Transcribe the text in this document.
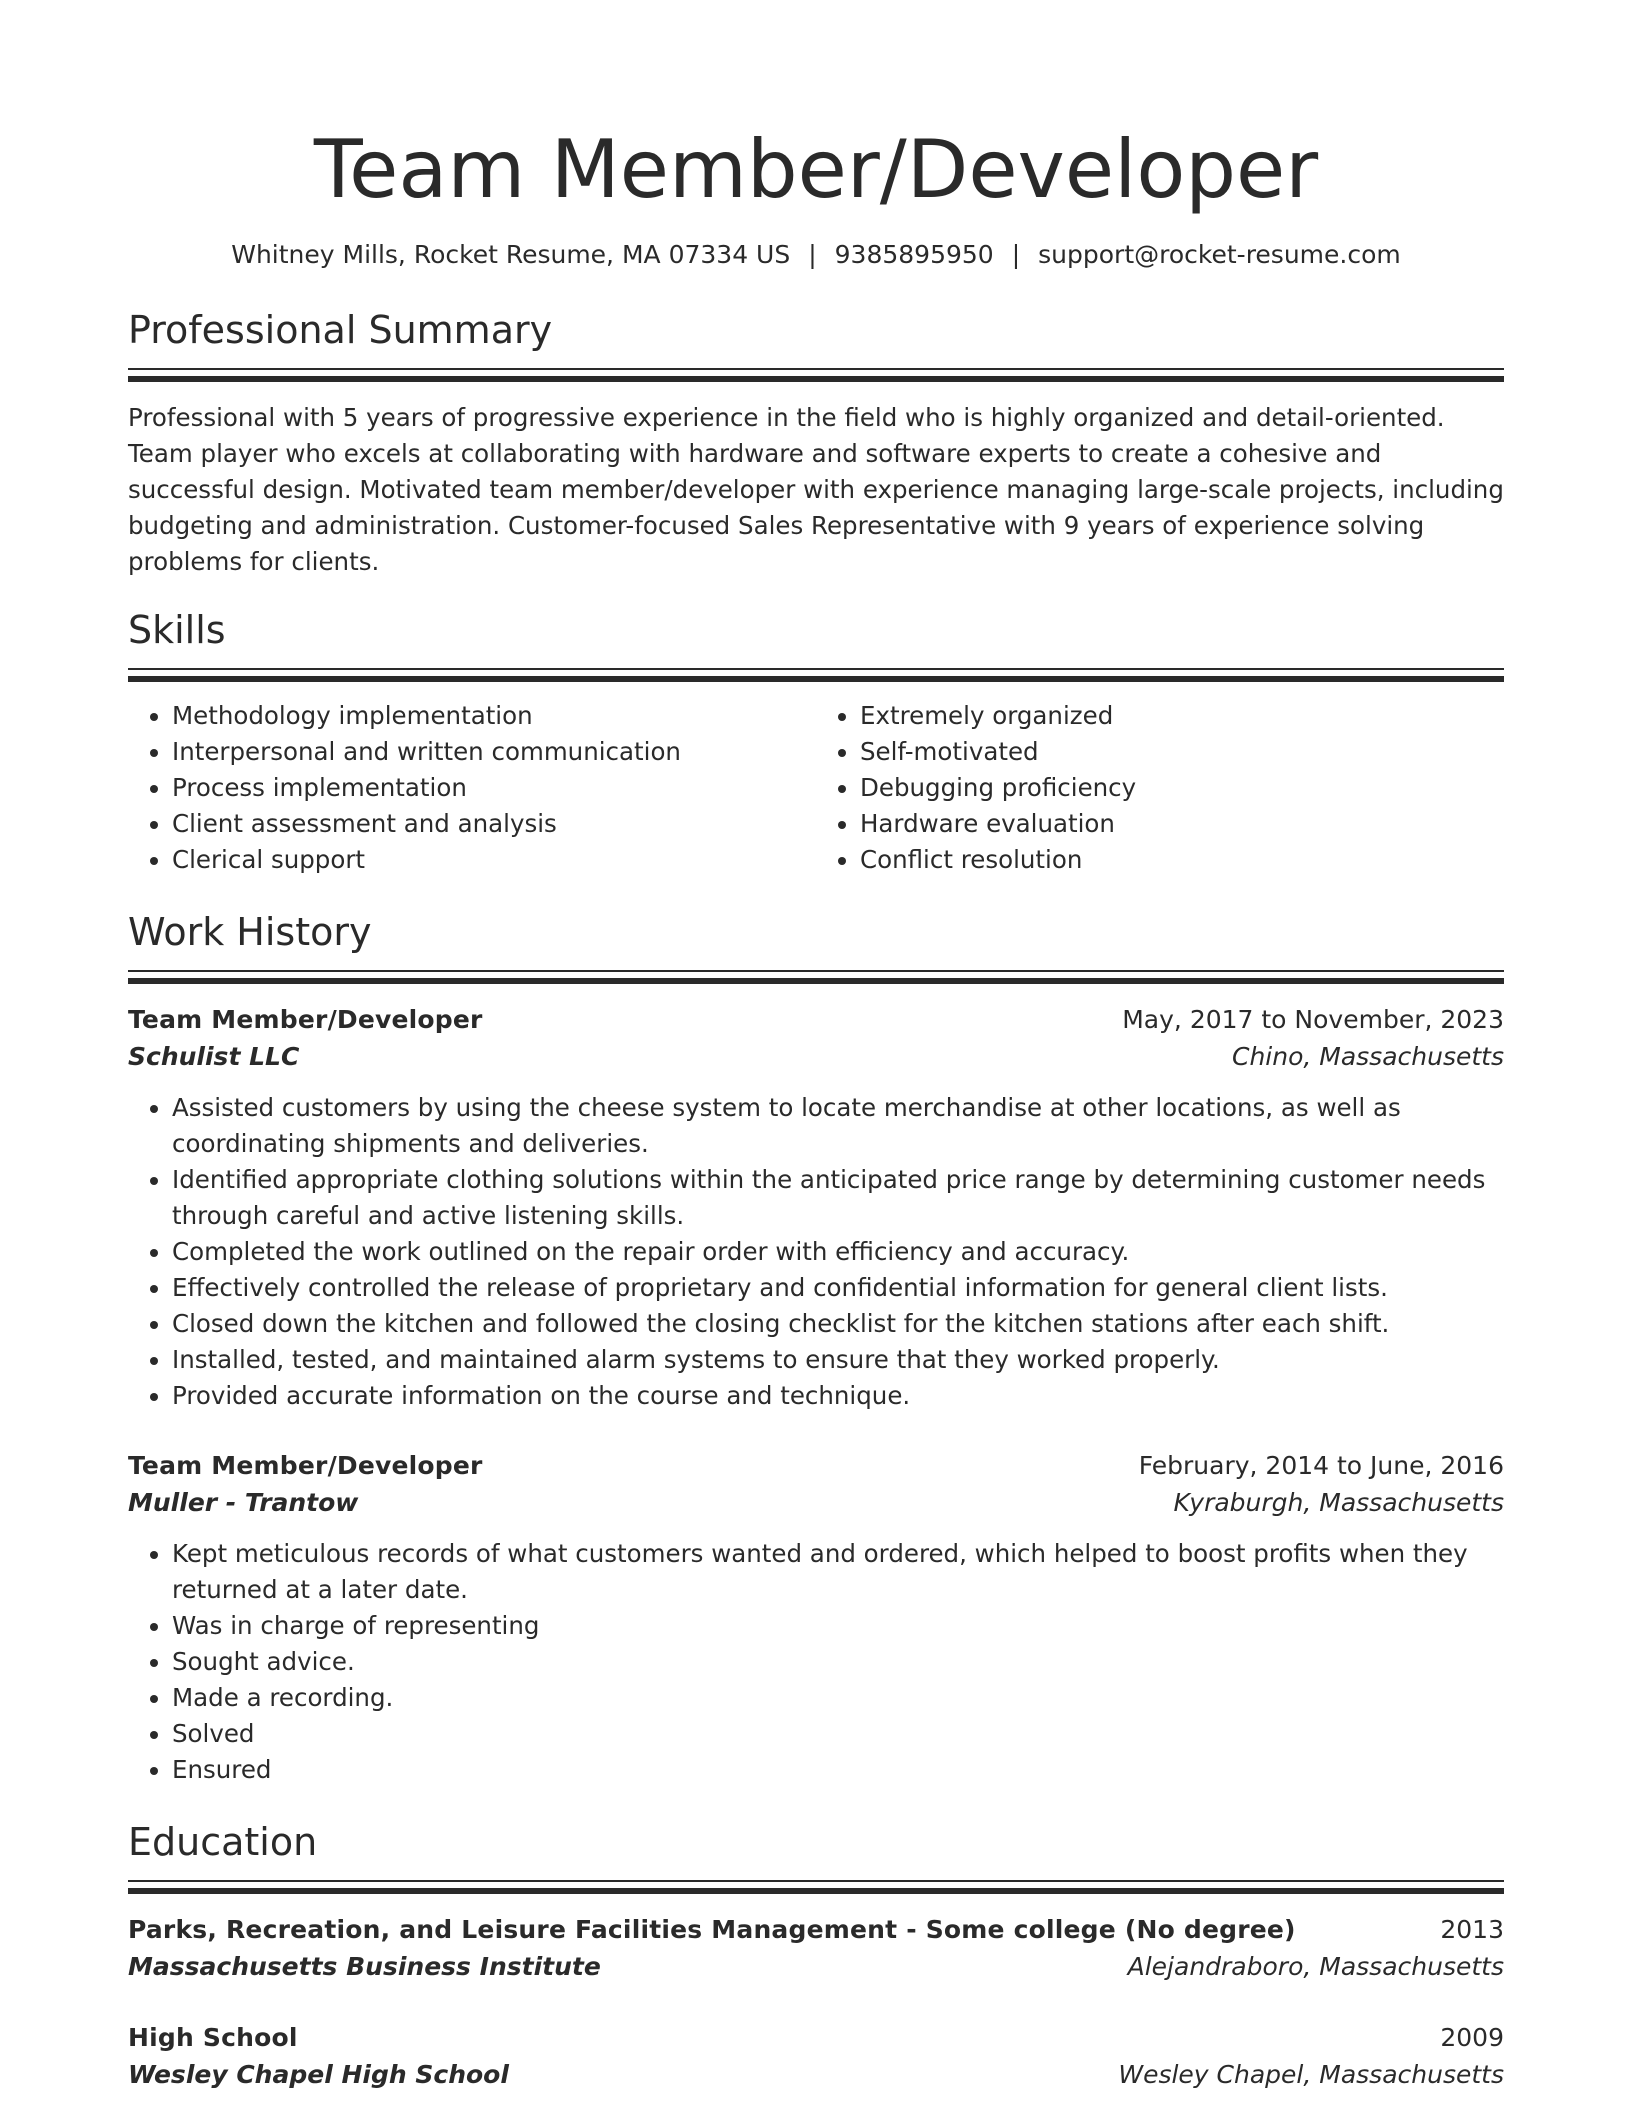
Team Member/Developer
Whitney Mills, Rocket Resume, MA 07334 US | 9385895950 | support@rocket-resume.com
Professional Summary

Professional with 5 years of progressive experience in the field who is highly organized and detail-oriented. Team player who excels at collaborating with hardware and software experts to create a cohesive and successful design. Motivated team member/developer with experience managing large-scale projects, including budgeting and administration. Customer-focused Sales Representative with 9 years of experience solving problems for clients.

Skills
• Methodology implementation
• Interpersonal and written communication
• Process implementation
• Client assessment and analysis
• Clerical support
• Extremely organized
• Self-motivated
• Debugging proficiency
• Hardware evaluation
• Conflict resolution
Work History
Team Member/Developer	May, 2017 to November, 2023
Schulist LLC	Chino, Massachusetts
• Assisted customers by using the cheese system to locate merchandise at other locations, as well as coordinating shipments and deliveries.
• Identified appropriate clothing solutions within the anticipated price range by determining customer needs through careful and active listening skills.
• Completed the work outlined on the repair order with efficiency and accuracy.
• Effectively controlled the release of proprietary and confidential information for general client lists.
• Closed down the kitchen and followed the closing checklist for the kitchen stations after each shift.
• Installed, tested, and maintained alarm systems to ensure that they worked properly.
• Provided accurate information on the course and technique.
Team Member/Developer	February, 2014 to June, 2016
Muller - Trantow	Kyraburgh, Massachusetts
• Kept meticulous records of what customers wanted and ordered, which helped to boost profits when they returned at a later date.
• Was in charge of representing
• Sought advice.
• Made a recording.
• Solved
• Ensured
Education
Parks, Recreation, and Leisure Facilities Management - Some college (No degree)	2013
Massachusetts Business Institute	Alejandraboro, Massachusetts
High School	2009
Wesley Chapel High School	Wesley Chapel, Massachusetts
